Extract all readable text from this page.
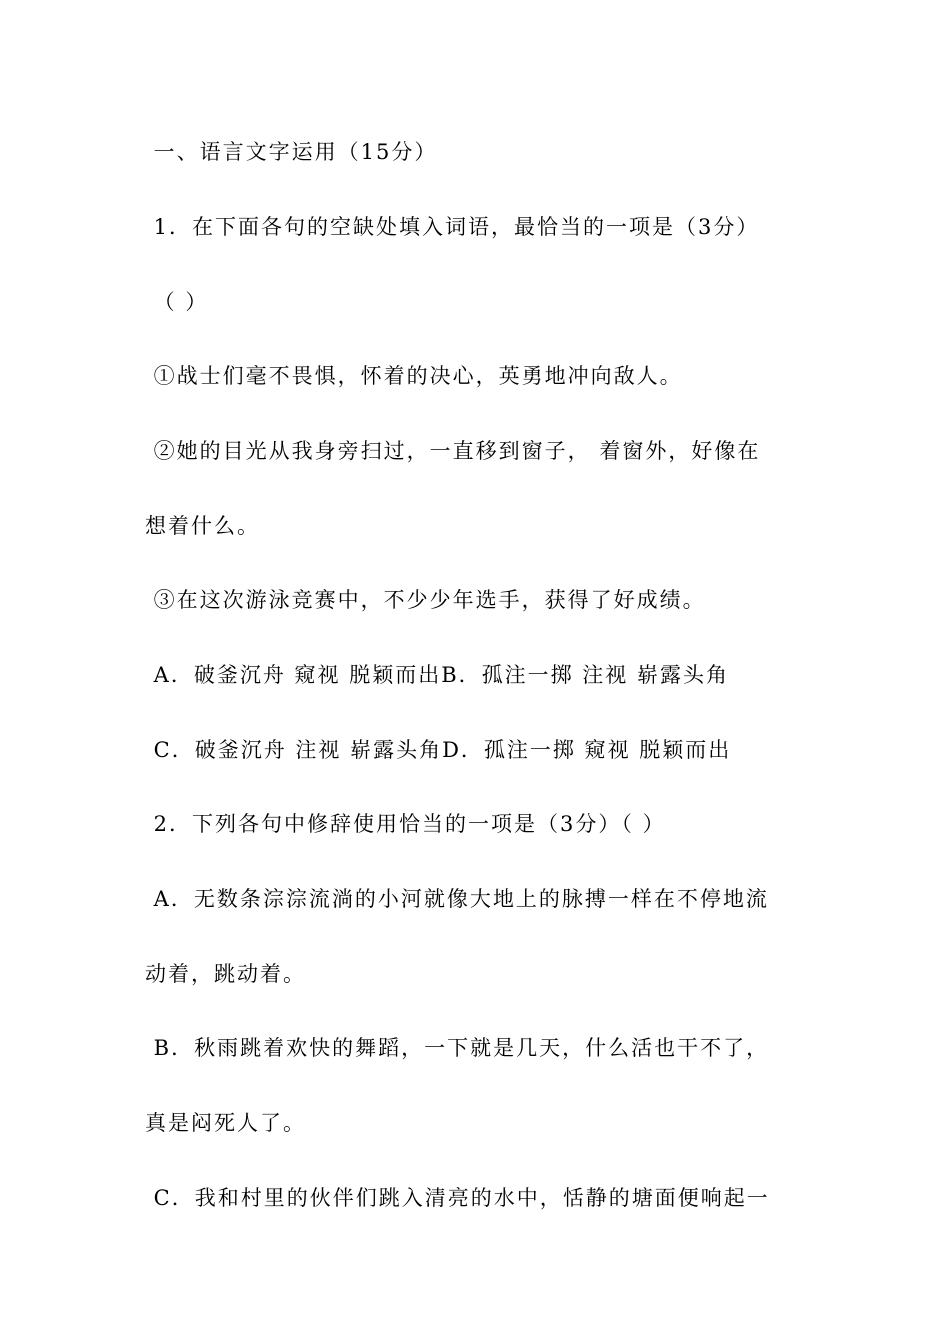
一、语言文字运用（15分）
1．在下面各句的空缺处填入词语，最恰当的一项是（3分）
（ ）
①战士们毫不畏惧，怀着的决心，英勇地冲向敌人。
②她的目光从我身旁扫过，一直移到窗子， 着窗外，好像在
想着什么。
③在这次游泳竞赛中，不少少年选手，获得了好成绩。
A．破釜沉舟 窥视 脱颖而出B．孤注一掷 注视 崭露头角
C．破釜沉舟 注视 崭露头角D．孤注一掷 窥视 脱颖而出
2．下列各句中修辞使用恰当的一项是（3分）（ ）
A．无数条淙淙流淌的小河就像大地上的脉搏一样在不停地流
动着，跳动着。
B．秋雨跳着欢快的舞蹈，一下就是几天，什么活也干不了，
真是闷死人了。
C．我和村里的伙伴们跳入清亮的水中，恬静的塘面便响起一
